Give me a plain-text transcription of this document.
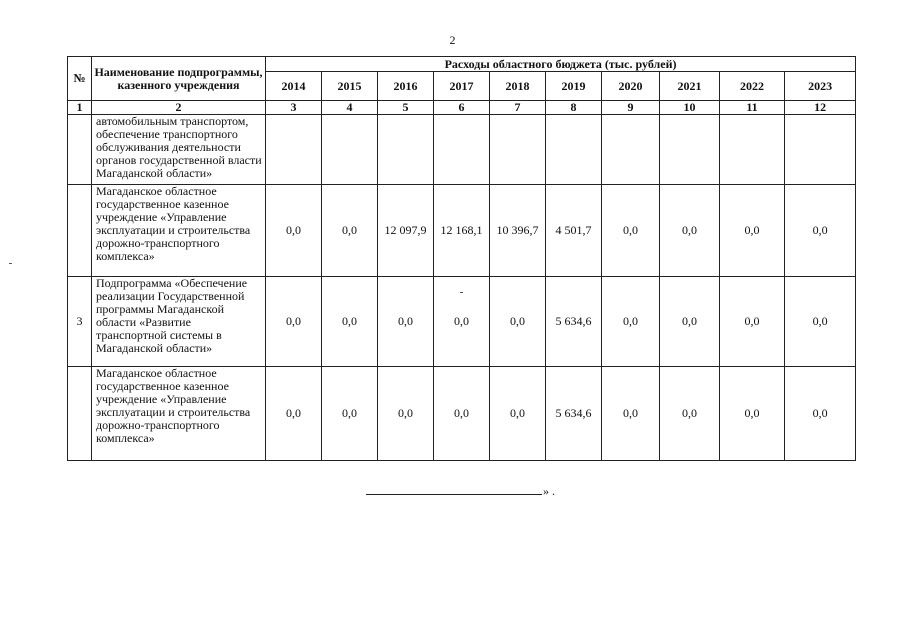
2
№	Наименование подпрограммы, казенного учреждения	Расходы областного бюджета (тыс. рублей)									
		2014	2015	2016	2017	2018	2019	2020	2021	2022	2023
1	2	3	4	5	6	7	8	9	10	11	12
	автомобильным транспортом, обеспечение транспортного обслуживания деятельности органов государственной власти Магаданской области»										
	Магаданское областное государственное казенное учреждение «Управление эксплуатации и строительства дорожно-транспортного комплекса»	0,0	0,0	12 097,9	12 168,1	10 396,7	4 501,7	0,0	0,0	0,0	0,0
3	Подпрограмма «Обеспечение реализации Государственной программы Магаданской области «Развитие транспортной системы в Магаданской области»	0,0	0,0	0,0	0,0	0,0	5 634,6	0,0	0,0	0,0	0,0
	Магаданское областное государственное казенное учреждение «Управление эксплуатации и строительства дорожно-транспортного комплекса»	0,0	0,0	0,0	0,0	0,0	5 634,6	0,0	0,0	0,0	0,0
» .
